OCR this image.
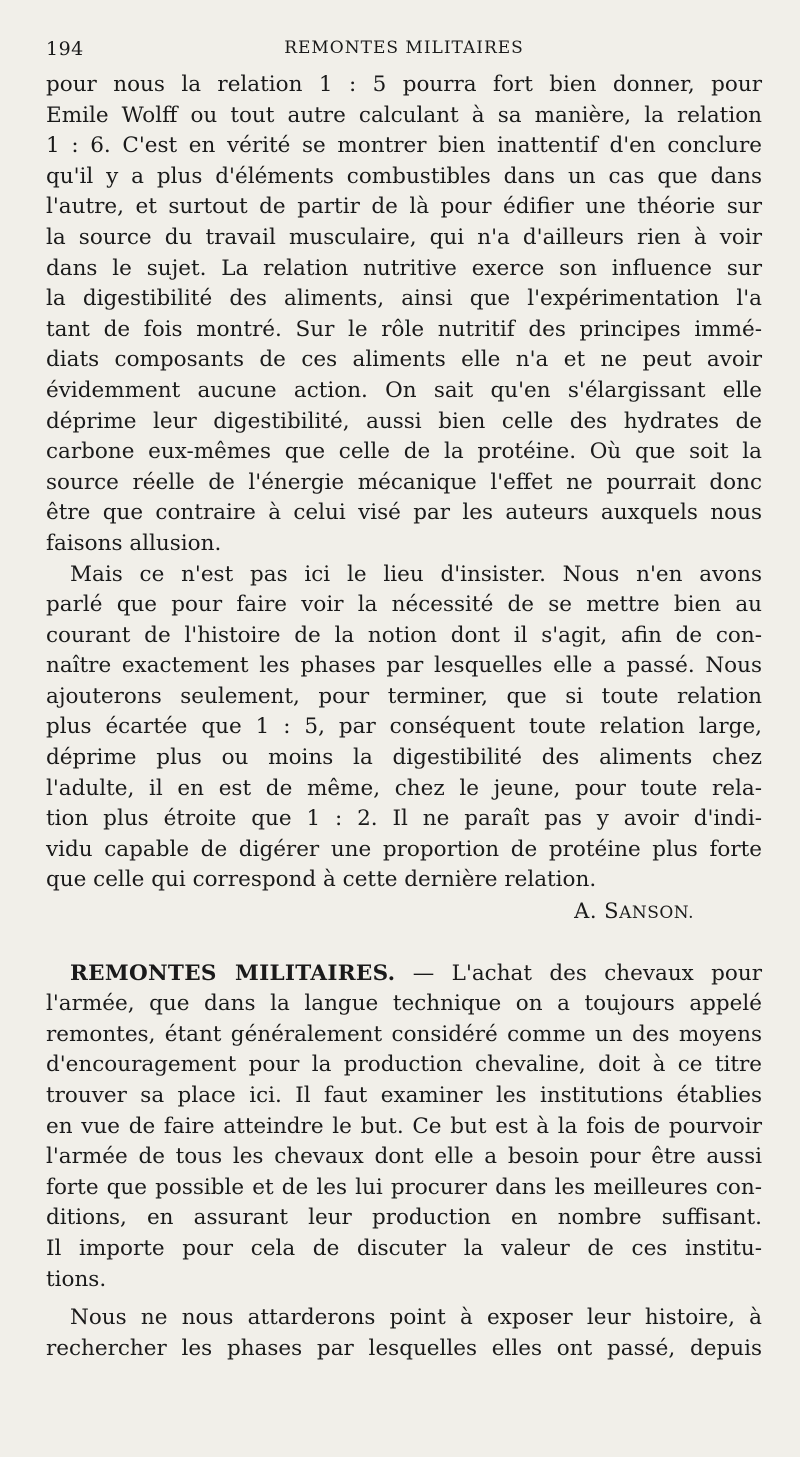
194	REMONTES MILITAIRES

pour nous la relation 1 : 5 pourra fort bien donner, pour

Emile Wolff ou tout autre calculant à sa manière, la relation

1 : 6. C'est en vérité se montrer bien inattentif d'en conclure

qu'il y a plus d'éléments combustibles dans un cas que dans

l'autre, et surtout de partir de là pour édifier une théorie sur

la source du travail musculaire, qui n'a d'ailleurs rien à voir

dans le sujet. La relation nutritive exerce son influence sur

la digestibilité des aliments, ainsi que l'expérimentation l'a

tant de fois montré. Sur le rôle nutritif des principes immé-

diats composants de ces aliments elle n'a et ne peut avoir

évidemment aucune action. On sait qu'en s'élargissant elle

déprime leur digestibilité, aussi bien celle des hydrates de

carbone eux-mêmes que celle de la protéine. Où que soit la

source réelle de l'énergie mécanique l'effet ne pourrait donc

être que contraire à celui visé par les auteurs auxquels nous

faisons allusion.

Mais ce n'est pas ici le lieu d'insister. Nous n'en avons

parlé que pour faire voir la nécessité de se mettre bien au

courant de l'histoire de la notion dont il s'agit, afin de con-

naître exactement les phases par lesquelles elle a passé. Nous

ajouterons seulement, pour terminer, que si toute relation

plus écartée que 1 : 5, par conséquent toute relation large,

déprime plus ou moins la digestibilité des aliments chez

l'adulte, il en est de même, chez le jeune, pour toute rela-

tion plus étroite que 1 : 2. Il ne paraît pas y avoir d'indi-

vidu capable de digérer une proportion de protéine plus forte

que celle qui correspond à cette dernière relation.

A. SANSON.

REMONTES MILITAIRES. — L'achat des chevaux pour

l'armée, que dans la langue technique on a toujours appelé

remontes, étant généralement considéré comme un des moyens

d'encouragement pour la production chevaline, doit à ce titre

trouver sa place ici. Il faut examiner les institutions établies

en vue de faire atteindre le but. Ce but est à la fois de pourvoir

l'armée de tous les chevaux dont elle a besoin pour être aussi

forte que possible et de les lui procurer dans les meilleures con-

ditions, en assurant leur production en nombre suffisant.

Il importe pour cela de discuter la valeur de ces institu-

tions.

Nous ne nous attarderons point à exposer leur histoire, à

rechercher les phases par lesquelles elles ont passé, depuis
